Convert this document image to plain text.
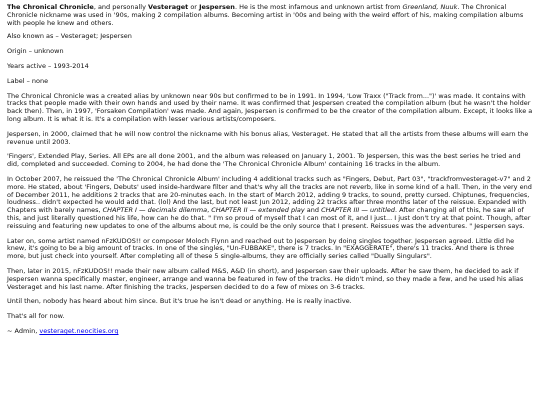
The Chronical Chronicle, and personally Vesteraget or Jespersen. He is the most infamous and unknown artist from Greenland, Nuuk. The Chronical Chronicle nickname was used in '90s, making 2 compilation albums. Becoming artist in '00s and being with the weird effort of his, making compilation albums with people he knew and others.

Also known as – Vesteraget; Jespersen

Origin – unknown

Years active – 1993-2014

Label – none

The Chronical Chronicle was a created alias by unknown near 90s but confirmed to be in 1991. In 1994, 'Low Traxx ("Track from...")' was made. It contains with tracks that people made with their own hands and used by their name. It was confirmed that Jespersen created the compilation album (but he wasn't the holder back then). Then, in 1997, 'Forsaken Compilation' was made. And again, Jespersen is confirmed to be the creator of the compilation album. Except, it looks like a long album. It is what it is. It's a compilation with lesser various artists/composers.

Jespersen, in 2000, claimed that he will now control the nickname with his bonus alias, Vesteraget. He stated that all the artists from these albums will earn the revenue until 2003.

'Fingers', Extended Play, Series. All EPs are all done 2001, and the album was released on January 1, 2001. To Jespersen, this was the best series he tried and did, completed and succeeded. Coming to 2004, he had done the 'The Chronical Chronicle Album' containing 16 tracks in the album.

In October 2007, he reissued the 'The Chronical Chronicle Album' including 4 additional tracks such as "Fingers, Debut, Part 03", "trackfromvesteraget-v7" and 2 more. He stated, about 'Fingers, Debuts' used inside-hardware filter and that's why all the tracks are not reverb, like in some kind of a hall. Then, in the very end of December 2011, he additions 2 tracks that are 20-minutes each. In the start of March 2012, adding 9 tracks, to sound, pretty cursed. Chiptunes, frequencies, loudness.. didn't expected he would add that. (lol) And the last, but not least Jun 2012, adding 22 tracks after three months later of the reissue. Expanded with Chapters with barely names, CHAPTER I — decimals dilemma, CHAPTER II — extended play and CHAPTER III — untitled. After changing all of this, he saw all of this, and just literally questioned his life, how can he do that. " I'm so proud of myself that I can most of it, and I just... I just don't try at that point. Though, after reissuing and featuring new updates to one of the albums about me, is could be the only source that I present. Reissues was the adventures. " Jespersen says.

Later on, some artist named nFzKUDOS!! or composer Moloch Flynn and reached out to Jespersen by doing singles together. Jespersen agreed. Little did he knew, it's going to be a big amount of tracks. In one of the singles, "Un-FUBBAKE", there is 7 tracks. In "EXAGGERATE", there's 11 tracks. And there is three more, but just check into yourself. After completing all of these 5 single-albums, they are officially series called "Dually Singulars".

Then, later in 2015, nFzKUDOS!! made their new album called M&S, A&D (in short), and Jespersen saw their uploads. After he saw them, he decided to ask if Jespersen wanna specifically master, engineer, arrange and wanna be featured in few of the tracks. He didn't mind, so they made a few, and he used his alias Vesteraget and his last name. After finishing the tracks, Jespersen decided to do a few of mixes on 3-6 tracks.

Until then, nobody has heard about him since. But it's true he isn't dead or anything. He is really inactive.

That's all for now.

~ Admin, vesteraget.neocities.org
